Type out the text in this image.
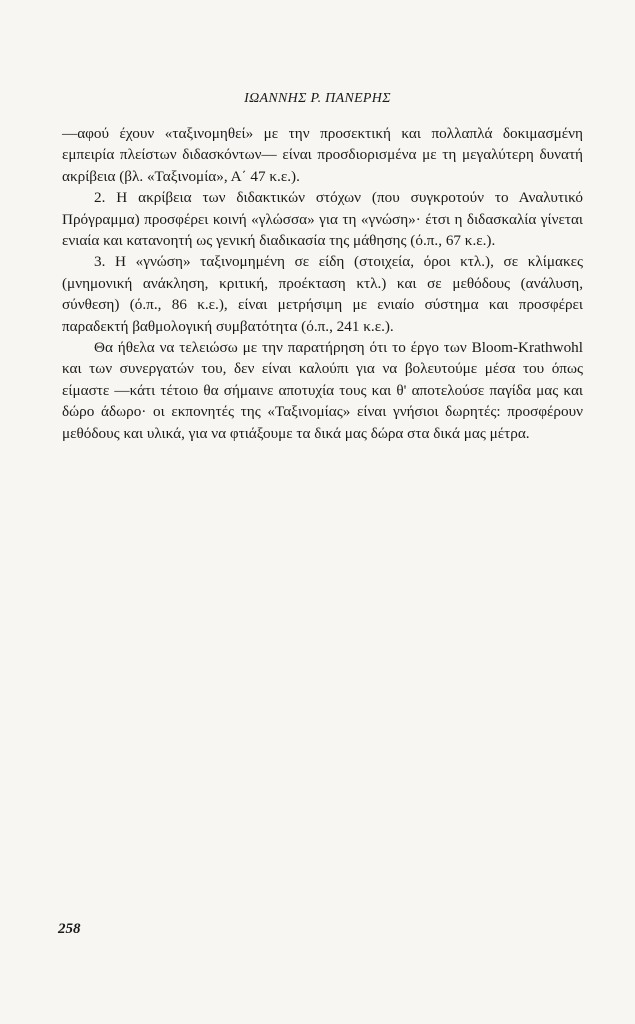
ΙΩΑΝΝΗΣ Ρ. ΠΑΝΕΡΗΣ

—αφού έχουν «ταξινομηθεί» με την προσεκτική και πολλαπλά δοκιμασμένη εμπειρία πλείστων διδασκόντων— είναι προσδιορισμένα με τη μεγαλύτερη δυνατή ακρίβεια (βλ. «Ταξινομία», Α΄ 47 κ.ε.).

2. Η ακρίβεια των διδακτικών στόχων (που συγκροτούν το Αναλυτικό Πρόγραμμα) προσφέρει κοινή «γλώσσα» για τη «γνώση»· έτσι η διδασκαλία γίνεται ενιαία και κατανοητή ως γενική διαδικασία της μάθησης (ό.π., 67 κ.ε.).

3. Η «γνώση» ταξινομημένη σε είδη (στοιχεία, όροι κτλ.), σε κλίμακες (μνημονική ανάκληση, κριτική, προέκταση κτλ.) και σε μεθόδους (ανάλυση, σύνθεση) (ό.π., 86 κ.ε.), είναι μετρήσιμη με ενιαίο σύστημα και προσφέρει παραδεκτή βαθμολογική συμβατότητα (ό.π., 241 κ.ε.).

Θα ήθελα να τελειώσω με την παρατήρηση ότι το έργο των Bloom-Krathwohl και των συνεργατών του, δεν είναι καλούπι για να βολευτούμε μέσα του όπως είμαστε —κάτι τέτοιο θα σήμαινε αποτυχία τους και θ' αποτελούσε παγίδα μας και δώρο άδωρο· οι εκπονητές της «Ταξινομίας» είναι γνήσιοι δωρητές: προσφέρουν μεθόδους και υλικά, για να φτιάξουμε τα δικά μας δώρα στα δικά μας μέτρα.

258
